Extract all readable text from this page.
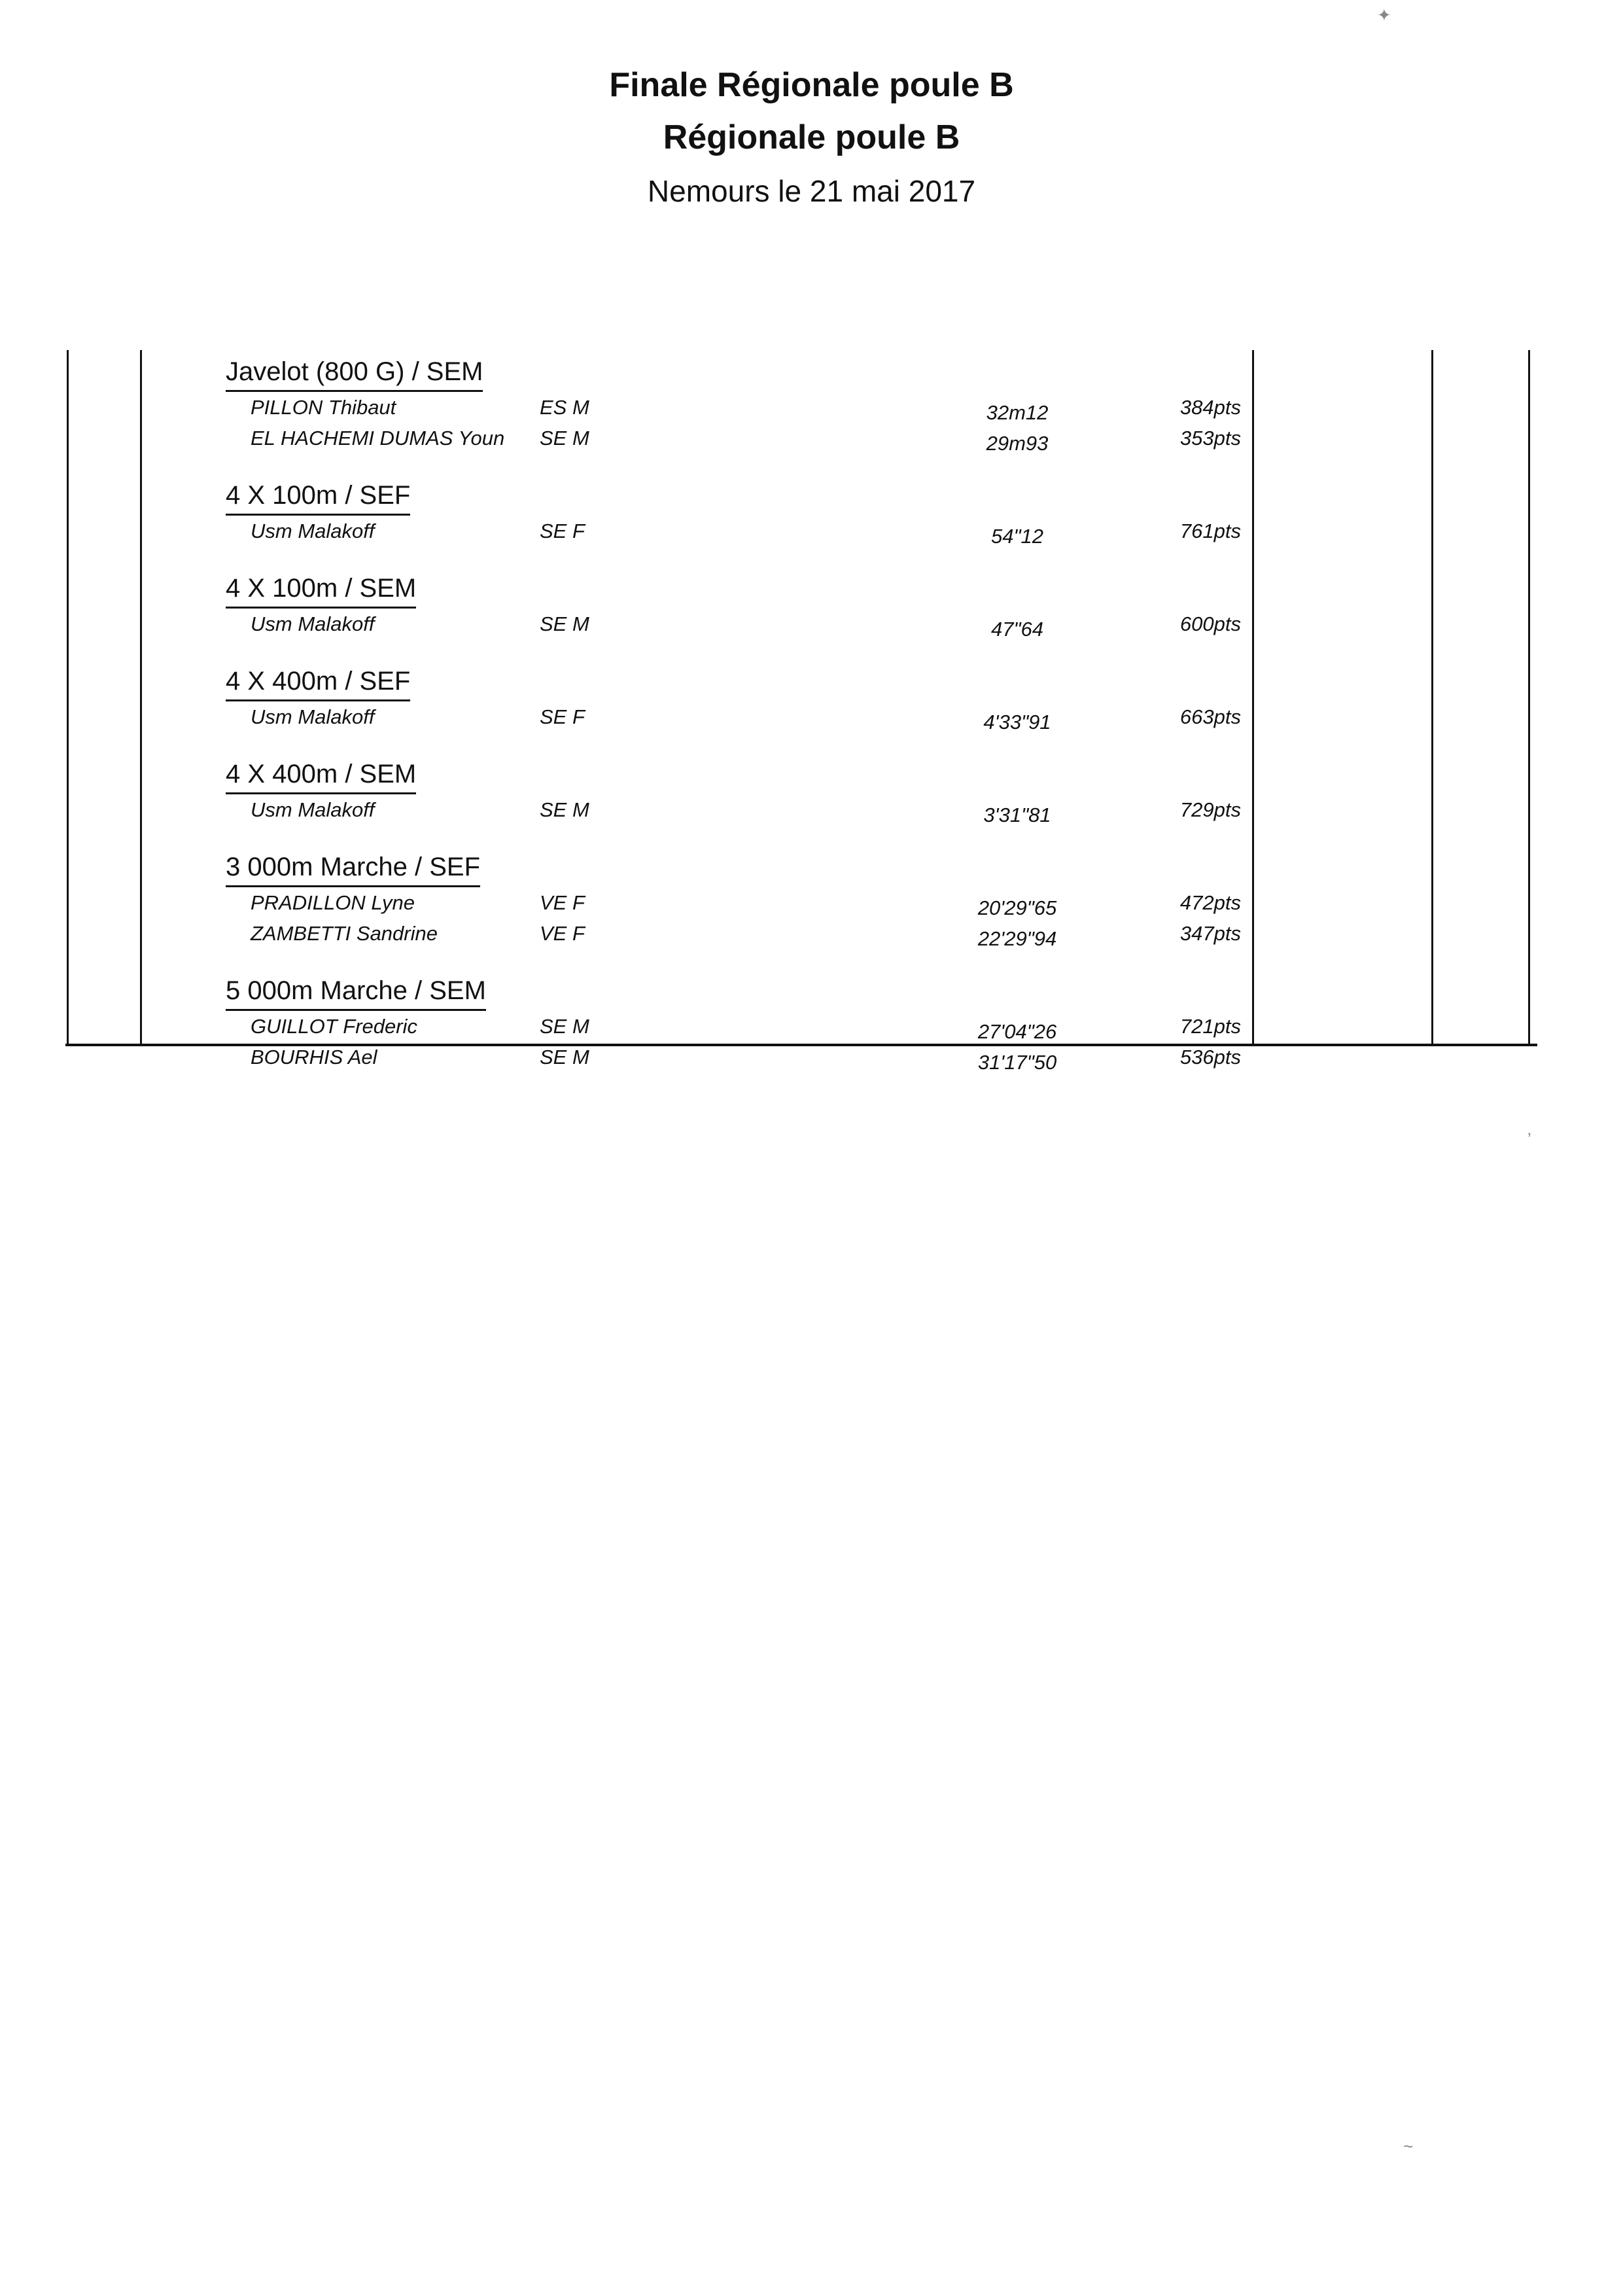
Finale Régionale poule B
Régionale poule B
Nemours le 21 mai 2017
Javelot (800 G) / SEM
PILLON Thibaut	ES M	32m12	384pts
EL HACHEMI DUMAS Youn SE M	29m93	353pts
4 X 100m / SEF
Usm Malakoff	SE F	54"12	761pts
4 X 100m / SEM
Usm Malakoff	SE M	47"64	600pts
4 X 400m / SEF
Usm Malakoff	SE F	4'33"91	663pts
4 X 400m / SEM
Usm Malakoff	SE M	3'31"81	729pts
3 000m Marche / SEF
PRADILLON Lyne	VE F	20'29"65	472pts
ZAMBETTI Sandrine	VE F	22'29"94	347pts
5 000m Marche / SEM
GUILLOT Frederic	SE M	27'04"26	721pts
BOURHIS Ael	SE M	31'17"50	536pts
✦
‚
~
